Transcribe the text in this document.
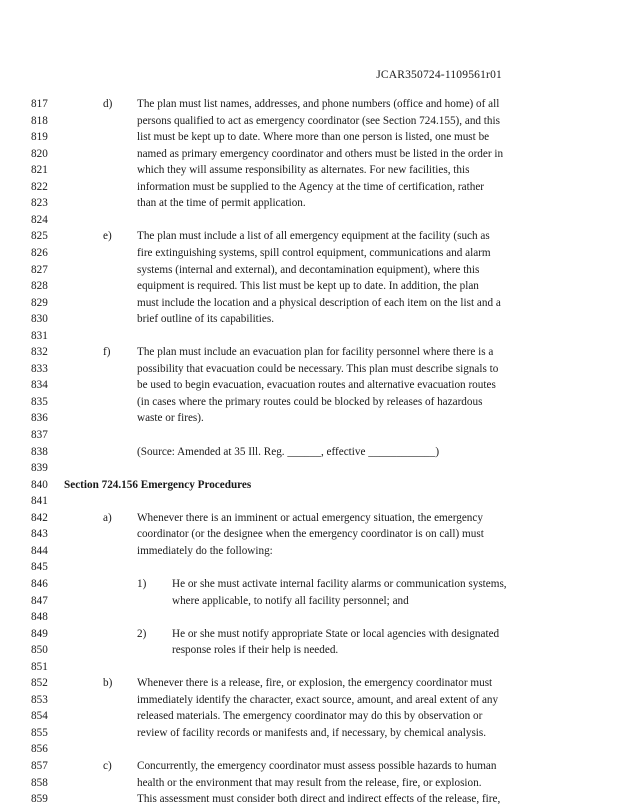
JCAR350724-1109561r01
817	d) The plan must list names, addresses, and phone numbers (office and home) of all
818	persons qualified to act as emergency coordinator (see Section 724.155), and this
819	list must be kept up to date. Where more than one person is listed, one must be
820	named as primary emergency coordinator and others must be listed in the order in
821	which they will assume responsibility as alternates. For new facilities, this
822	information must be supplied to the Agency at the time of certification, rather
823	than at the time of permit application.
824
825	e) The plan must include a list of all emergency equipment at the facility (such as
826	fire extinguishing systems, spill control equipment, communications and alarm
827	systems (internal and external), and decontamination equipment), where this
828	equipment is required. This list must be kept up to date. In addition, the plan
829	must include the location and a physical description of each item on the list and a
830	brief outline of its capabilities.
831
832	f) The plan must include an evacuation plan for facility personnel where there is a
833	possibility that evacuation could be necessary. This plan must describe signals to
834	be used to begin evacuation, evacuation routes and alternative evacuation routes
835	(in cases where the primary routes could be blocked by releases of hazardous
836	waste or fires).
837
838	(Source: Amended at 35 Ill. Reg. ______, effective ____________)
839
840	Section 724.156 Emergency Procedures
841
842	a) Whenever there is an imminent or actual emergency situation, the emergency
843	coordinator (or the designee when the emergency coordinator is on call) must
844	immediately do the following:
845
846	1) He or she must activate internal facility alarms or communication systems,
847	where applicable, to notify all facility personnel; and
848
849	2) He or she must notify appropriate State or local agencies with designated
850	response roles if their help is needed.
851
852	b) Whenever there is a release, fire, or explosion, the emergency coordinator must
853	immediately identify the character, exact source, amount, and areal extent of any
854	released materials. The emergency coordinator may do this by observation or
855	review of facility records or manifests and, if necessary, by chemical analysis.
856
857	c) Concurrently, the emergency coordinator must assess possible hazards to human
858	health or the environment that may result from the release, fire, or explosion.
859	This assessment must consider both direct and indirect effects of the release, fire,
